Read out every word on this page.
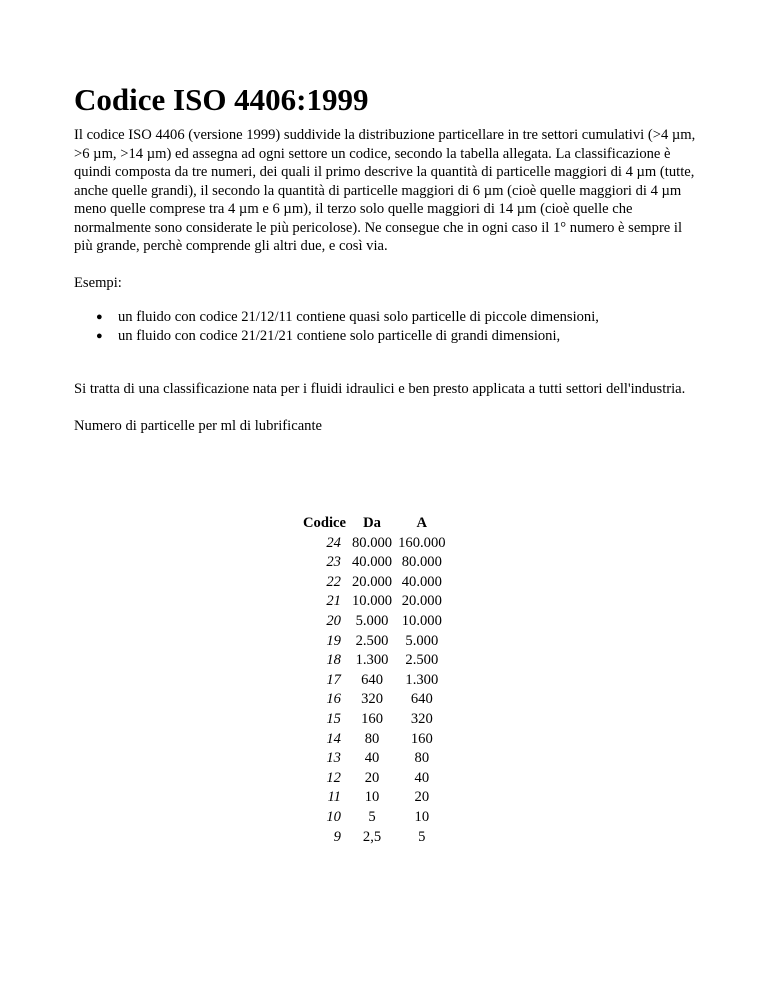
Codice ISO 4406:1999

Il codice ISO 4406 (versione 1999) suddivide la distribuzione particellare in tre settori cumulativi (>4 µm, >6 µm, >14 µm) ed assegna ad ogni settore un codice, secondo la tabella allegata. La classificazione è quindi composta da tre numeri, dei quali il primo descrive la quantità di particelle maggiori di 4 µm (tutte, anche quelle grandi), il secondo la quantità di particelle maggiori di 6 µm (cioè quelle maggiori di 4 µm meno quelle comprese tra 4 µm e 6 µm), il terzo solo quelle maggiori di 14 µm (cioè quelle che normalmente sono considerate le più pericolose). Ne consegue che in ogni caso il 1° numero è sempre il più grande, perchè comprende gli altri due, e così via.

Esempi:

● un fluido con codice 21/12/11 contiene quasi solo particelle di piccole dimensioni,
● un fluido con codice 21/21/21 contiene solo particelle di grandi dimensioni,

Si tratta di una classificazione nata per i fluidi idraulici e ben presto applicata a tutti settori dell'industria.

Numero di particelle per ml di lubrificante

Codice	Da	A
24	80.000	160.000
23	40.000	80.000
22	20.000	40.000
21	10.000	20.000
20	5.000	10.000
19	2.500	5.000
18	1.300	2.500
17	640	1.300
16	320	640
15	160	320
14	80	160
13	40	80
12	20	40
11	10	20
10	5	10
9	2,5	5
